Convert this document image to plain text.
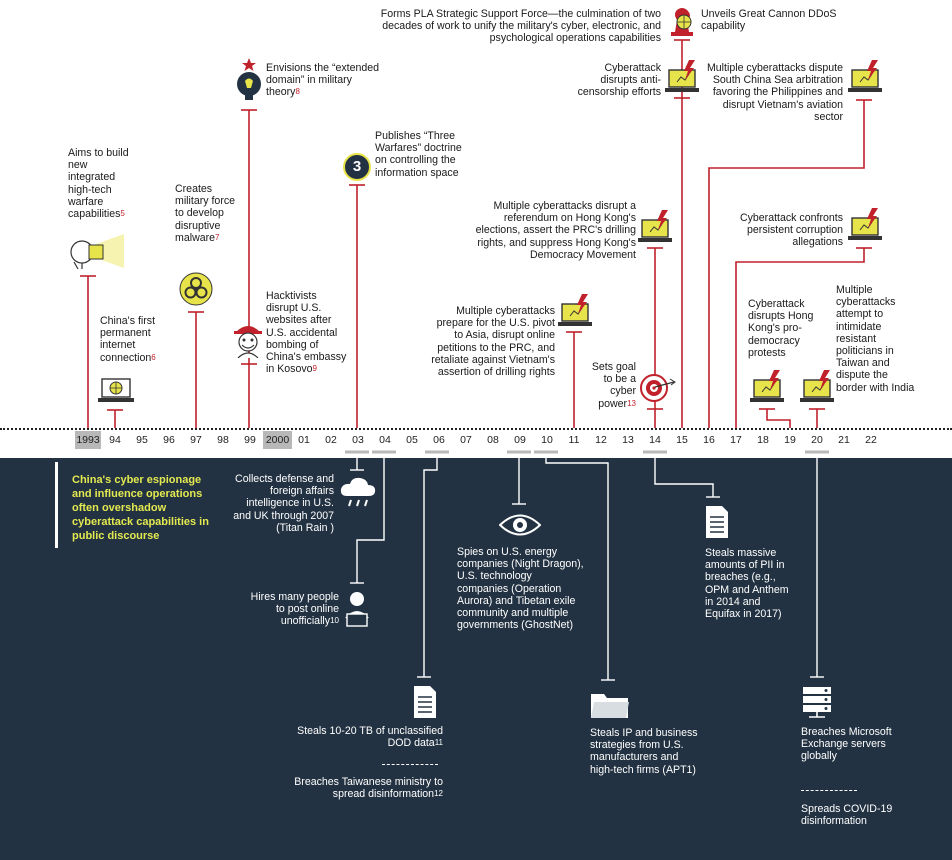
1993 94	95	96	97	98	99 2000 01	02	03	04	05	06	07	08	09	10	11	12	13	14	15	16	17	18	19	20	21	22
Aims to build new integrated high-tech warfare capabilities$^5$
China's first permanent internet connection$^6$
Creates military force to develop disruptive malware$^7$
Envisions the “extended domain” in military theory$^8$
Hacktivists disrupt U.S. websites after U.S. accidental bombing of China's embassy in Kosovo$^9$
3
Publishes “Three Warfares” doctrine on controlling the information space
Multiple cyberattacks prepare for the U.S. pivot to Asia, disrupt online petitions to the PRC, and retaliate against Vietnam's assertion of drilling rights
Multiple cyberattacks disrupt a referendum on Hong Kong's elections, assert the PRC's drilling rights, and suppress Hong Kong's Democracy Movement
Sets goal to be a cyber power$^{13}$
Forms PLA Strategic Support Force—the culmination of two decades of work to unify the military's cyber, electronic, and psychological operations capabilities
Unveils Great Cannon DDoS capability
Cyberattack disrupts anti-censorship efforts
Multiple cyberattacks dispute South China Sea arbitration favoring the Philippines and disrupt Vietnam's aviation sector
Cyberattack confronts persistent corruption allegations
Cyberattack disrupts Hong Kong's pro-democracy protests
Multiple cyberattacks attempt to intimidate resistant politicians in Taiwan and dispute the border with India
China's cyber espionage and influence operations often overshadow cyberattack capabilities in public discourse
Collects defense and foreign affairs intelligence in U.S. and UK through 2007 (Titan Rain )
Hires many people to post online unofficially$^{10}$
Steals 10-20 TB of unclassified DOD data$^{11}$
Breaches Taiwanese ministry to spread disinformation$^{12}$
Spies on U.S. energy companies (Night Dragon), U.S. technology companies (Operation Aurora) and Tibetan exile community and multiple governments (GhostNet)
Steals IP and business strategies from U.S. manufacturers and high-tech firms (APT1)
Steals massive amounts of PII in breaches (e.g., OPM and Anthem in 2014 and Equifax in 2017)
Breaches Microsoft Exchange servers globally
Spreads COVID-19 disinformation
